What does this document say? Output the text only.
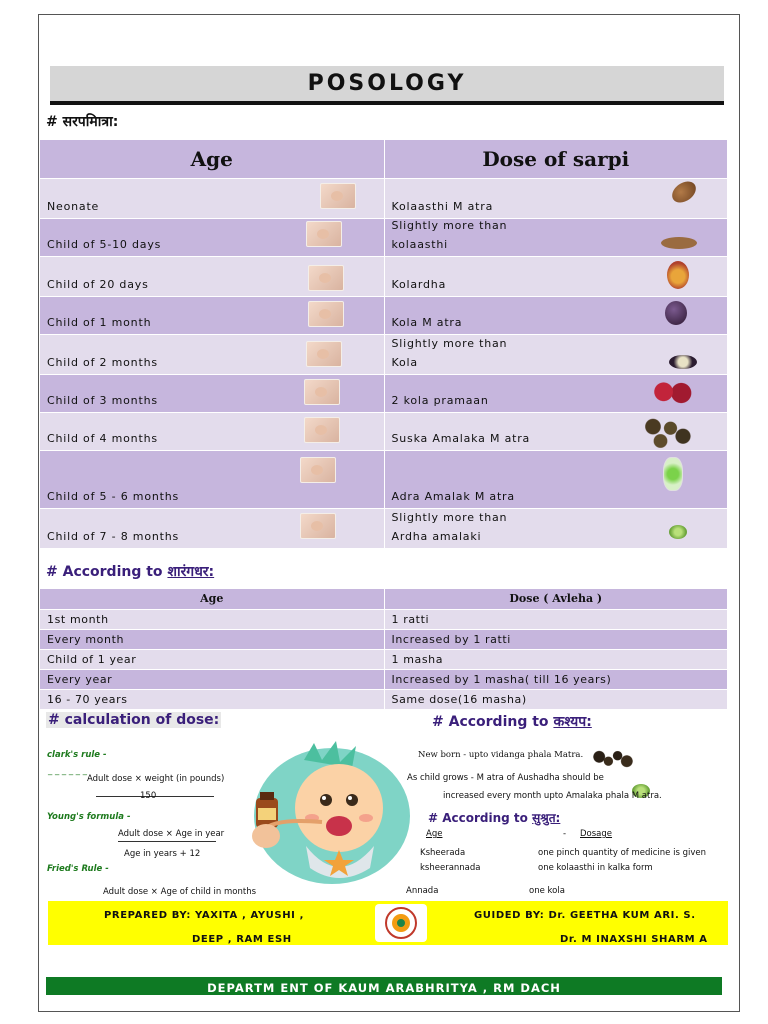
POSOLOGY
# सरपमि‍ात्रा:
Age	Dose of sarpi
Neonate	Kolaasthi M atra

Child of 5-10 days	Slightly more than
kolaasthi

Child of 20 days	Kolardha

Child of 1 month	Kola M atra

Child of 2 months	Slightly more than
Kola

Child of 3 months	2 kola pramaan

Child of 4 months	Suska Amalaka M atra

Child of 5 - 6 months	Adra Amalak M atra

Child of 7 - 8 months	Slightly more than
Ardha amalaki
# According to शारंगधर:
Age	Dose ( Avleha )
1st month	1 ratti
Every month	Increased by 1 ratti
Child of 1 year	1 masha
Every year	Increased by 1 masha( till 16 years)
16 - 70 years	Same dose(16 masha)
# calculation of dose:	# According to कश्यप:
clark's rule -
_ _ _ _ _ _
Adult dose × weight (in pounds)
150
Young's formula -
Adult dose × Age in year
Age in years + 12
Fried's Rule -
Adult dose × Age of child in months
New born - upto vidanga phala Matra.
As child grows - M atra of Aushadha should be
increased every month upto Amalaka phala M atra.
# According to सुश्रुत:
Age	- Dosage
Ksheerada	one pinch quantity of medicine is given
ksheerannada	one kolaasthi in kalka form
Annada	one kola
PREPARED BY: YAXITA , AYUSHI ,
DEEP , RAM ESH
GUIDED BY: Dr. GEETHA KUM ARI. S.
Dr. M INAXSHI SHARM A
DEPARTM ENT OF KAUM ARABHRITYA , RM DACH
